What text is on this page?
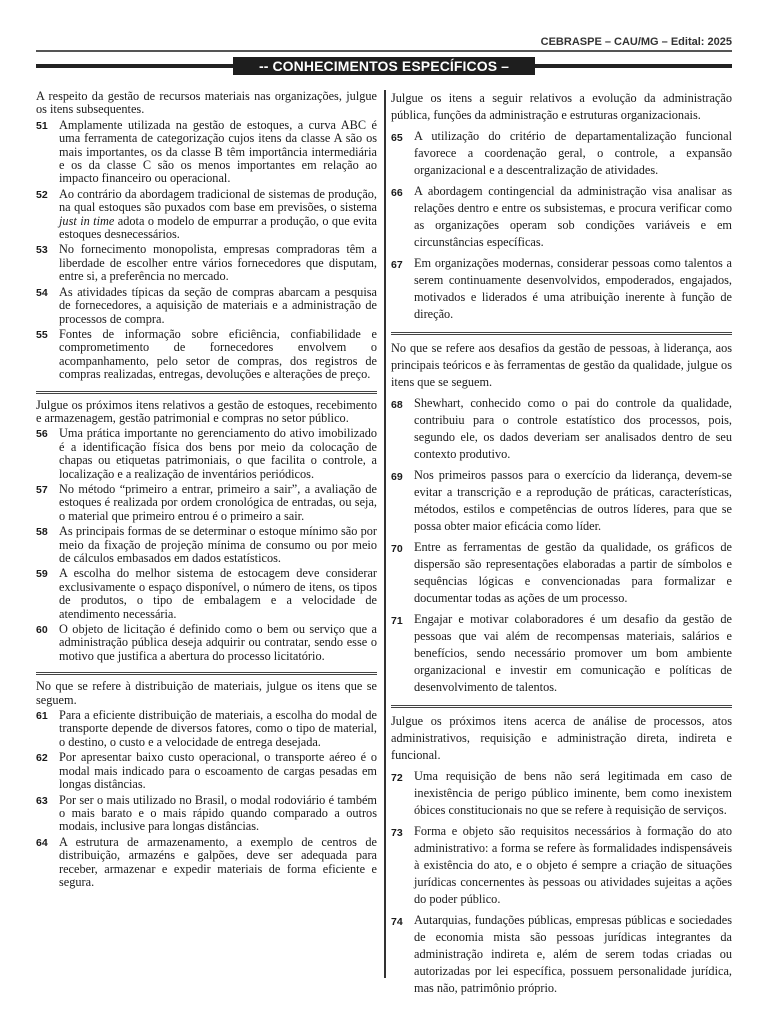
CEBRASPE – CAU/MG – Edital: 2025
-- CONHECIMENTOS ESPECÍFICOS –

A respeito da gestão de recursos materiais nas organizações, julgue os itens subsequentes.

51 Amplamente utilizada na gestão de estoques, a curva ABC é uma ferramenta de categorização cujos itens da classe A são os mais importantes, os da classe B têm importância intermediária e os da classe C são os menos importantes em relação ao impacto financeiro ou operacional.
52 Ao contrário da abordagem tradicional de sistemas de produção, na qual estoques são puxados com base em previsões, o sistema just in time adota o modelo de empurrar a produção, o que evita estoques desnecessários.
53 No fornecimento monopolista, empresas compradoras têm a liberdade de escolher entre vários fornecedores que disputam, entre si, a preferência no mercado.
54 As atividades típicas da seção de compras abarcam a pesquisa de fornecedores, a aquisição de materiais e a administração de processos de compra.
55 Fontes de informação sobre eficiência, confiabilidade e comprometimento de fornecedores envolvem o acompanhamento, pelo setor de compras, dos registros de compras realizadas, entregas, devoluções e alterações de preço.

Julgue os próximos itens relativos a gestão de estoques, recebimento e armazenagem, gestão patrimonial e compras no setor público.

56 Uma prática importante no gerenciamento do ativo imobilizado é a identificação física dos bens por meio da colocação de chapas ou etiquetas patrimoniais, o que facilita o controle, a localização e a realização de inventários periódicos.
57 No método “primeiro a entrar, primeiro a sair”, a avaliação de estoques é realizada por ordem cronológica de entradas, ou seja, o material que primeiro entrou é o primeiro a sair.
58 As principais formas de se determinar o estoque mínimo são por meio da fixação de projeção mínima de consumo ou por meio de cálculos embasados em dados estatísticos.
59 A escolha do melhor sistema de estocagem deve considerar exclusivamente o espaço disponível, o número de itens, os tipos de produtos, o tipo de embalagem e a velocidade de atendimento necessária.
60 O objeto de licitação é definido como o bem ou serviço que a administração pública deseja adquirir ou contratar, sendo esse o motivo que justifica a abertura do processo licitatório.

No que se refere à distribuição de materiais, julgue os itens que se seguem.

61 Para a eficiente distribuição de materiais, a escolha do modal de transporte depende de diversos fatores, como o tipo de material, o destino, o custo e a velocidade de entrega desejada.
62 Por apresentar baixo custo operacional, o transporte aéreo é o modal mais indicado para o escoamento de cargas pesadas em longas distâncias.
63 Por ser o mais utilizado no Brasil, o modal rodoviário é também o mais barato e o mais rápido quando comparado a outros modais, inclusive para longas distâncias.
64 A estrutura de armazenamento, a exemplo de centros de distribuição, armazéns e galpões, deve ser adequada para receber, armazenar e expedir materiais de forma eficiente e segura.

Julgue os itens a seguir relativos a evolução da administração pública, funções da administração e estruturas organizacionais.

65 A utilização do critério de departamentalização funcional favorece a coordenação geral, o controle, a expansão organizacional e a descentralização de atividades.
66 A abordagem contingencial da administração visa analisar as relações dentro e entre os subsistemas, e procura verificar como as organizações operam sob condições variáveis e em circunstâncias específicas.
67 Em organizações modernas, considerar pessoas como talentos a serem continuamente desenvolvidos, empoderados, engajados, motivados e liderados é uma atribuição inerente à função de direção.

No que se refere aos desafios da gestão de pessoas, à liderança, aos principais teóricos e às ferramentas de gestão da qualidade, julgue os itens que se seguem.

68 Shewhart, conhecido como o pai do controle da qualidade, contribuiu para o controle estatístico dos processos, pois, segundo ele, os dados deveriam ser analisados dentro de seu contexto produtivo.
69 Nos primeiros passos para o exercício da liderança, devem-se evitar a transcrição e a reprodução de práticas, características, métodos, estilos e competências de outros líderes, para que se possa obter maior eficácia como líder.
70 Entre as ferramentas de gestão da qualidade, os gráficos de dispersão são representações elaboradas a partir de símbolos e sequências lógicas e convencionadas para formalizar e documentar todas as ações de um processo.
71 Engajar e motivar colaboradores é um desafio da gestão de pessoas que vai além de recompensas materiais, salários e benefícios, sendo necessário promover um bom ambiente organizacional e investir em comunicação e políticas de desenvolvimento de talentos.

Julgue os próximos itens acerca de análise de processos, atos administrativos, requisição e administração direta, indireta e funcional.

72 Uma requisição de bens não será legitimada em caso de inexistência de perigo público iminente, bem como inexistem óbices constitucionais no que se refere à requisição de serviços.
73 Forma e objeto são requisitos necessários à formação do ato administrativo: a forma se refere às formalidades indispensáveis à existência do ato, e o objeto é sempre a criação de situações jurídicas concernentes às pessoas ou atividades sujeitas a ações do poder público.
74 Autarquias, fundações públicas, empresas públicas e sociedades de economia mista são pessoas jurídicas integrantes da administração indireta e, além de serem todas criadas ou autorizadas por lei específica, possuem personalidade jurídica, mas não, patrimônio próprio.
